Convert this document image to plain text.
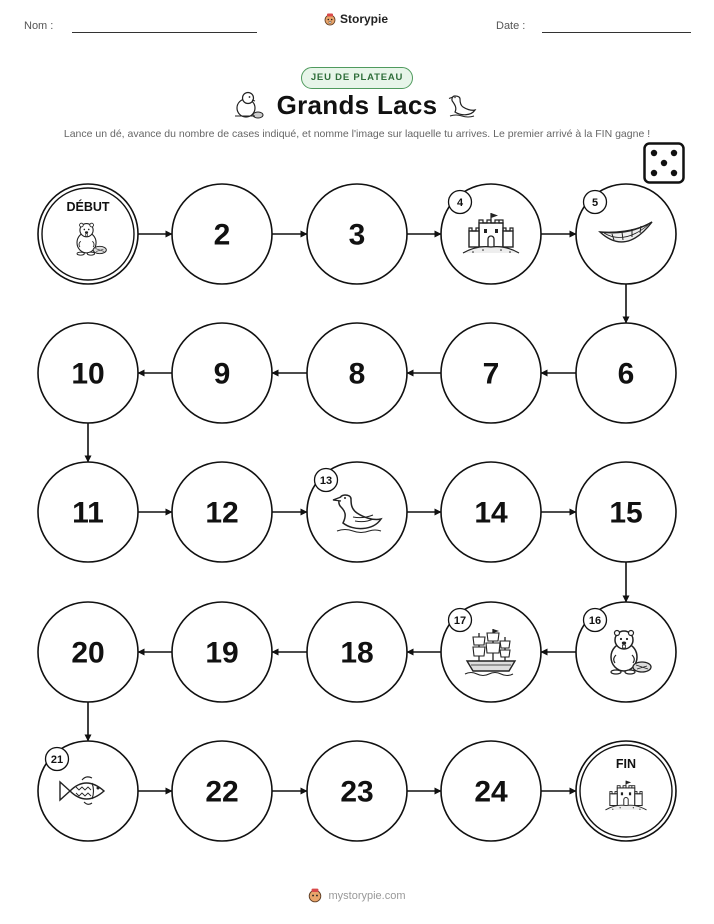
Nom :	Storypie	Date :
JEU DE PLATEAU
Grands Lacs
Lance un dé, avance du nombre de cases indiqué, et nomme l'image sur laquelle tu arrives. Le premier arrivé à la FIN gagne !
DÉBUT
2	3
4	5
6
7
8
9
10
11	12
13
14	15
16
17
18
19
20
21
22	23	24
FIN
mystorypie.com
